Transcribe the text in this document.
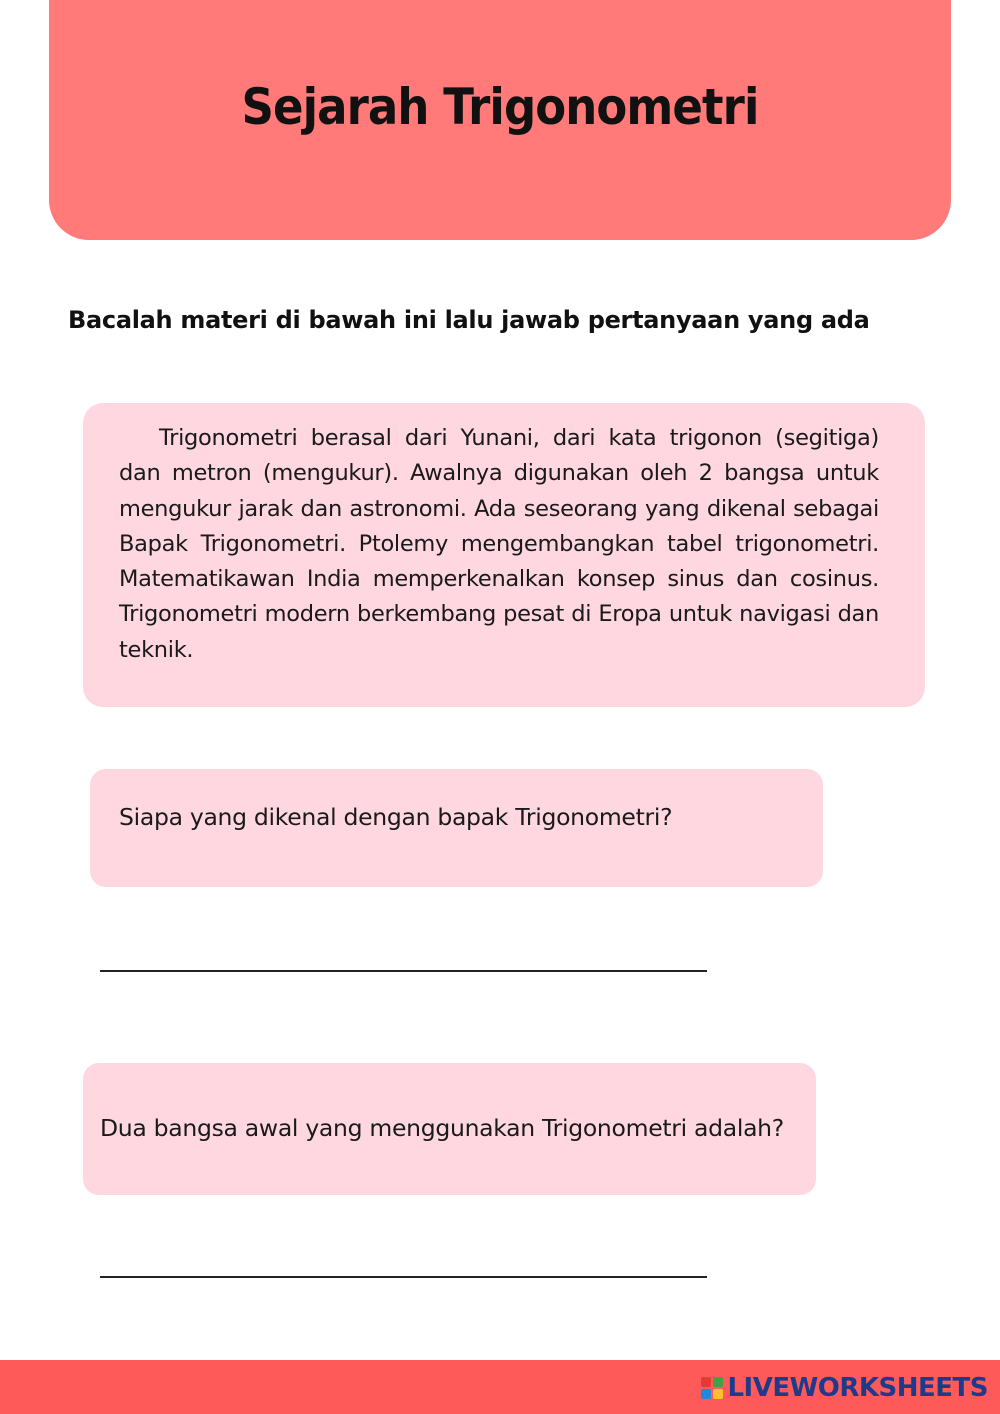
Sejarah Trigonometri
Bacalah materi di bawah ini lalu jawab pertanyaan yang ada
Trigonometri berasal dari Yunani, dari kata trigonon (segitiga) dan metron (mengukur). Awalnya digunakan oleh 2 bangsa untuk mengukur jarak dan astronomi. Ada seseorang yang dikenal sebagai Bapak Trigonometri. Ptolemy mengembangkan tabel trigonometri. Matematikawan India memperkenalkan konsep sinus dan cosinus. Trigonometri modern berkembang pesat di Eropa untuk navigasi dan teknik.
Siapa yang dikenal dengan bapak Trigonometri?
Dua bangsa awal yang menggunakan Trigonometri adalah?
LIVEWORKSHEETS
